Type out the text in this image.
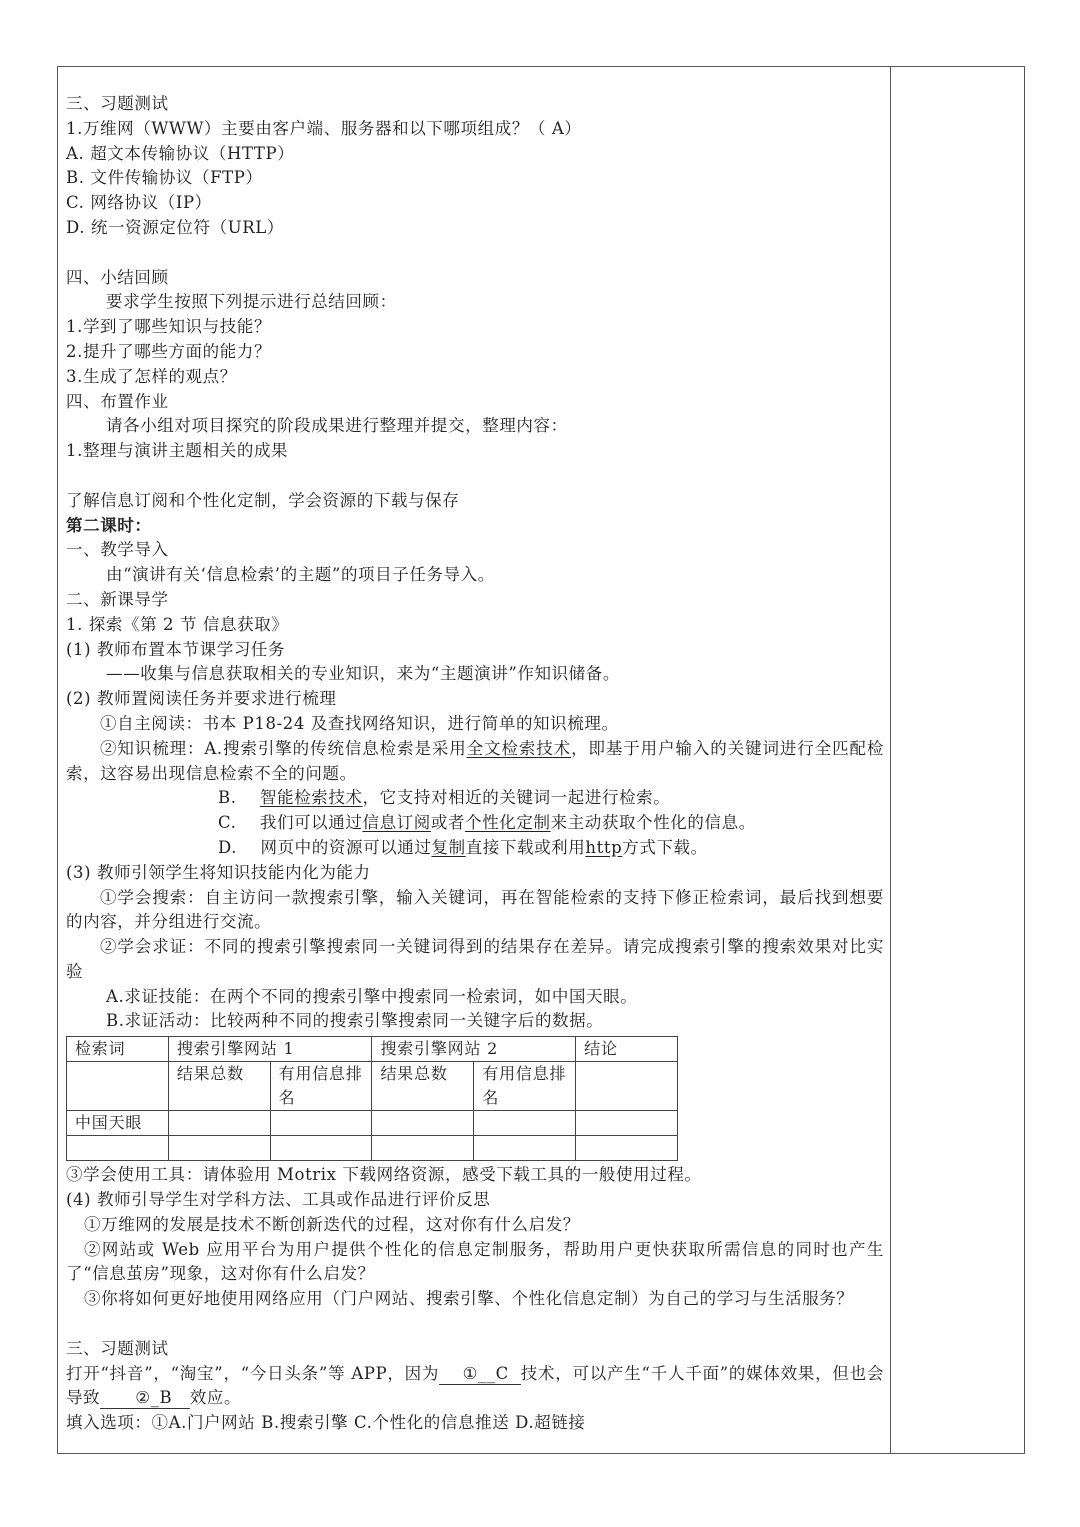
三、习题测试
1.万维网（WWW）主要由客户端、服务器和以下哪项组成？（ A）
A. 超文本传输协议（HTTP）
B. 文件传输协议（FTP）
C. 网络协议（IP）
D. 统一资源定位符（URL）
四、小结回顾
要求学生按照下列提示进行总结回顾：
1.学到了哪些知识与技能？
2.提升了哪些方面的能力？
3.生成了怎样的观点？
四、布置作业
请各小组对项目探究的阶段成果进行整理并提交，整理内容：
1.整理与演讲主题相关的成果
了解信息订阅和个性化定制，学会资源的下载与保存
第二课时：
一、教学导入
由“演讲有关‘信息检索’的主题”的项目子任务导入。
二、新课导学
1. 探索《第 2 节 信息获取》
(1) 教师布置本节课学习任务
——收集与信息获取相关的专业知识，来为“主题演讲”作知识储备。
(2) 教师置阅读任务并要求进行梳理
①自主阅读：书本 P18-24 及查找网络知识，进行简单的知识梳理。
②知识梳理：A.搜索引擎的传统信息检索是采用全文检索技术，即基于用户输入的关键词进行全匹配检索，这容易出现信息检索不全的问题。
B. 智能检索技术，它支持对相近的关键词一起进行检索。
C. 我们可以通过信息订阅或者个性化定制来主动获取个性化的信息。
D. 网页中的资源可以通过复制直接下载或利用http方式下载。
(3) 教师引领学生将知识技能内化为能力
①学会搜索：自主访问一款搜索引擎，输入关键词，再在智能检索的支持下修正检索词，最后找到想要的内容，并分组进行交流。
②学会求证：不同的搜索引擎搜索同一关键词得到的结果存在差异。请完成搜索引擎的搜索效果对比实验
A.求证技能：在两个不同的搜索引擎中搜索同一检索词，如中国天眼。
B.求证活动：比较两种不同的搜索引擎搜索同一关键字后的数据。
检索词	搜索引擎网站 1		搜索引擎网站 2		结论
	结果总数	有用信息排名	结果总数	有用信息排名	
中国天眼					

③学会使用工具：请体验用 Motrix 下载网络资源，感受下载工具的一般使用过程。
(4) 教师引导学生对学科方法、工具或作品进行评价反思
①万维网的发展是技术不断创新迭代的过程，这对你有什么启发？
②网站或 Web 应用平台为用户提供个性化的信息定制服务，帮助用户更快获取所需信息的同时也产生了“信息茧房”现象，这对你有什么启发？
③你将如何更好地使用网络应用（门户网站、搜索引擎、个性化信息定制）为自己的学习与生活服务？
三、习题测试
打开“抖音”，“淘宝”，“今日头条”等 APP，因为 ①__C 技术，可以产生“千人千面”的媒体效果，但也会导致 ②_B 效应。
填入选项：①A.门户网站 B.搜索引擎 C.个性化的信息推送 D.超链接
